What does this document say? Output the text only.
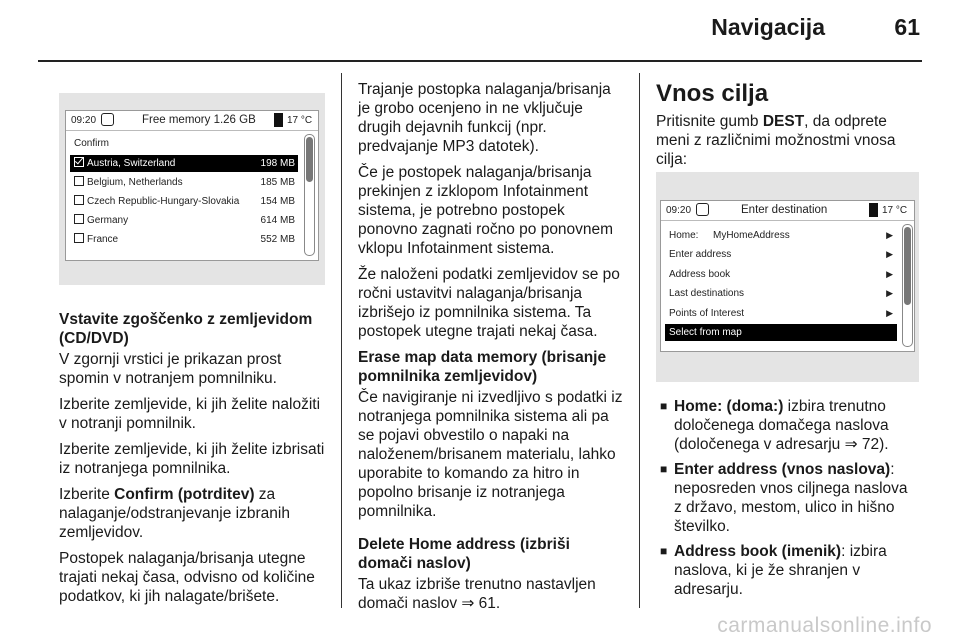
Navigacija	61
09:20	Free memory 1.26 GB	17 °C
Confirm
Austria, Switzerland	198 MB
Belgium, Netherlands	185 MB
Czech Republic-Hungary-Slovakia 154 MB
Germany	614 MB
France	552 MB
Vstavite zgoščenko z zemljevidom (CD/DVD)

V zgornji vrstici je prikazan prost spomin v notranjem pomnilniku.

Izberite zemljevide, ki jih želite naložiti v notranji pomnilnik.

Izberite zemljevide, ki jih želite izbrisati iz notranjega pomnilnika.

Izberite Confirm (potrditev) za nalaganje/odstranjevanje izbranih zemljevidov.

Postopek nalaganja/brisanja utegne trajati nekaj časa, odvisno od količine podatkov, ki jih nalagate/brišete.

Trajanje postopka nalaganja/brisanja je grobo ocenjeno in ne vključuje drugih dejavnih funkcij (npr. predvajanje MP3 datotek).

Če je postopek nalaganja/brisanja prekinjen z izklopom Infotainment sistema, je potrebno postopek ponovno zagnati ročno po ponovnem vklopu Infotainment sistema.

Že naloženi podatki zemljevidov se po ročni ustavitvi nalaganja/brisanja izbrišejo iz pomnilnika sistema. Ta postopek utegne trajati nekaj časa.

Erase map data memory (brisanje pomnilnika zemljevidov)

Če navigiranje ni izvedljivo s podatki iz notranjega pomnilnika sistema ali pa se pojavi obvestilo o napaki na naloženem/brisanem materialu, lahko uporabite to komando za hitro in popolno brisanje iz notranjega pomnilnika.

Delete Home address (izbriši domači naslov)

Ta ukaz izbriše trenutno nastavljen domači naslov ⇒ 61.

Vnos cilja

Pritisnite gumb DEST, da odprete meni z različnimi možnostmi vnosa cilja:

09:20	Enter destination	17 °C
Home: MyHomeAddress	▶
Enter address	▶
Address book	▶
Last destinations	▶
Points of Interest	▶
Select from map
■ Home: (doma:) izbira trenutno določenega domačega naslova (določenega v adresarju ⇒ 72).
■ Enter address (vnos naslova): neposreden vnos ciljnega naslova z državo, mestom, ulico in hišno številko.
■ Address book (imenik): izbira naslova, ki je že shranjen v adresarju.
carmanualsonline.info
